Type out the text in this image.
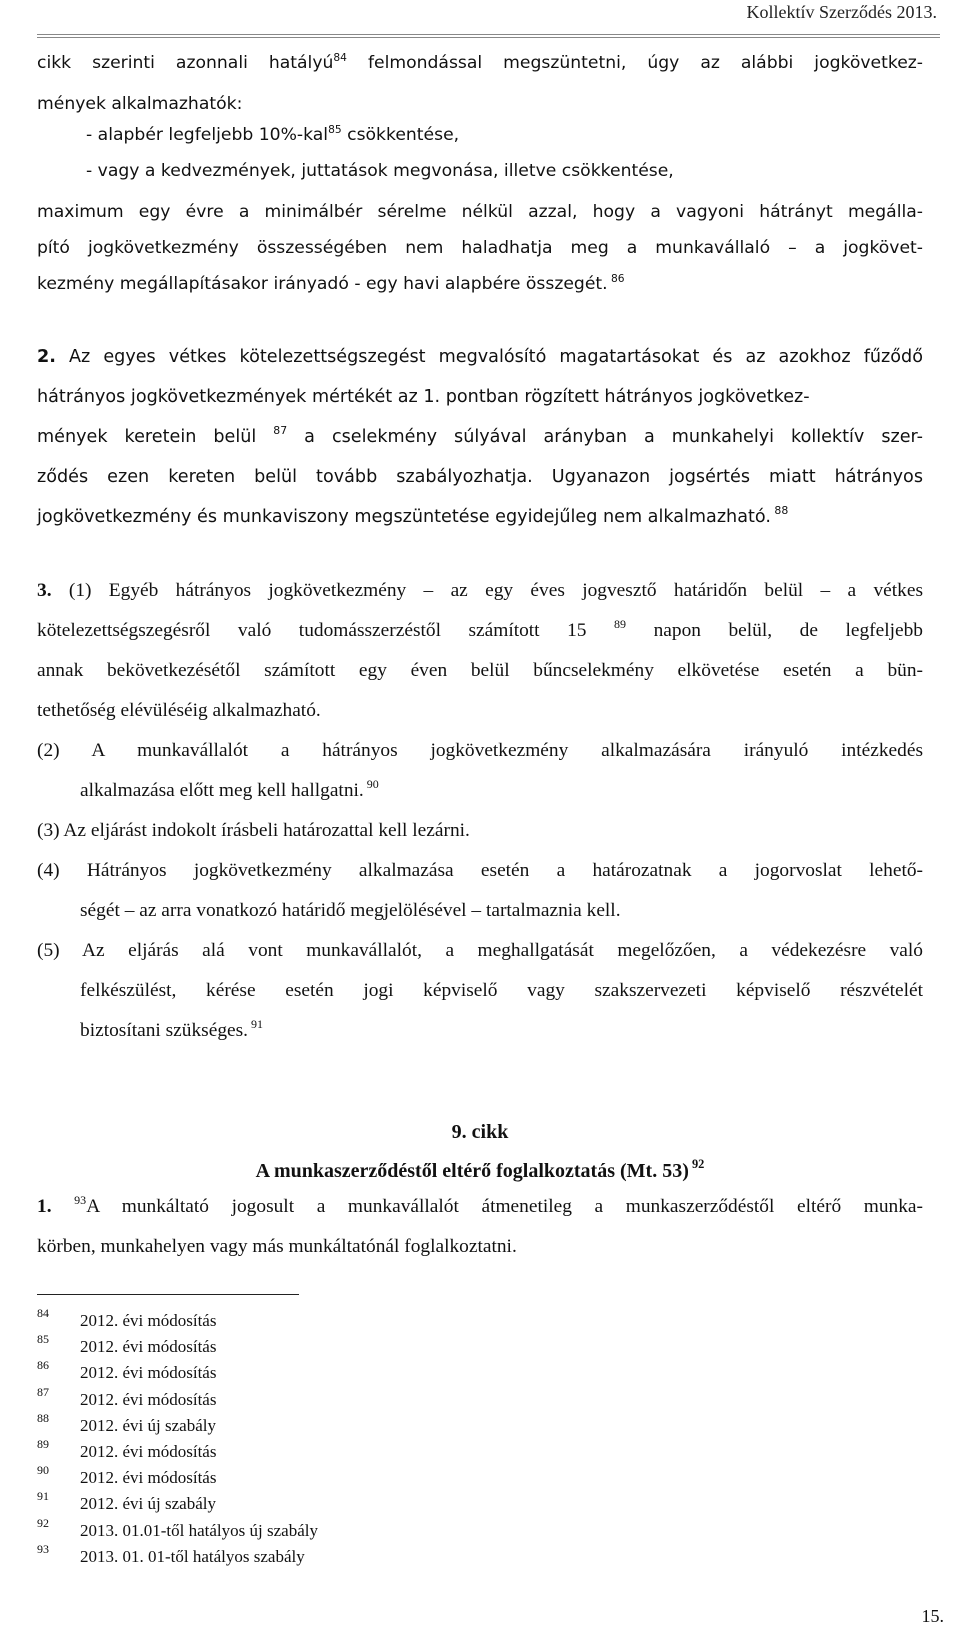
Kollektív Szerződés 2013.
cikk szerinti azonnali hatályú$^{84}$ felmondással megszüntetni, úgy az alábbi jogkövetkez-
mények alkalmazhatók:
- alapbér legfeljebb 10%-kal$^{85}$ csökkentése,
- vagy a kedvezmények, juttatások megvonása, illetve csökkentése,
maximum egy évre a minimálbér sérelme nélkül azzal, hogy a vagyoni hátrányt megálla-
pító jogkövetkezmény összességében nem haladhatja meg a munkavállaló – a jogkövet-
kezmény megállapításakor irányadó - egy havi alapbére összegét. $^{86}$
2. Az egyes vétkes kötelezettségszegést megvalósító magatartásokat és az azokhoz fűződő
hátrányos jogkövetkezmények mértékét az 1. pontban rögzített hátrányos jogkövetkez-
mények keretein belül $^{87}$ a cselekmény súlyával arányban a munkahelyi kollektív szer-
ződés ezen kereten belül tovább szabályozhatja. Ugyanazon jogsértés miatt hátrányos
jogkövetkezmény és munkaviszony megszüntetése egyidejűleg nem alkalmazható. $^{88}$
3. (1) Egyéb hátrányos jogkövetkezmény – az egy éves jogvesztő határidőn belül – a vétkes
kötelezettségszegésről való tudomásszerzéstől számított 15 $^{89}$ napon belül, de legfeljebb
annak bekövetkezésétől számított egy éven belül bűncselekmény elkövetése esetén a bün-
tethetőség elévüléséig alkalmazható.
(2) A munkavállalót a hátrányos jogkövetkezmény alkalmazására irányuló intézkedés
alkalmazása előtt meg kell hallgatni. $^{90}$
(3) Az eljárást indokolt írásbeli határozattal kell lezárni.
(4) Hátrányos jogkövetkezmény alkalmazása esetén a határozatnak a jogorvoslat lehető-
ségét – az arra vonatkozó határidő megjelölésével – tartalmaznia kell.
(5) Az eljárás alá vont munkavállalót, a meghallgatását megelőzően, a védekezésre való
felkészülést, kérése esetén jogi képviselő vagy szakszervezeti képviselő részvételét
biztosítani szükséges. $^{91}$
9. cikk
A munkaszerződéstől eltérő foglalkoztatás (Mt. 53) $^{92}$
1. $^{93}$A munkáltató jogosult a munkavállalót átmenetileg a munkaszerződéstől eltérő munka-
körben, munkahelyen vagy más munkáltatónál foglalkoztatni.
84 2012. évi módosítás
85 2012. évi módosítás
86 2012. évi módosítás
87 2012. évi módosítás
88 2012. évi új szabály
89 2012. évi módosítás
90 2012. évi módosítás
91 2012. évi új szabály
92 2013. 01.01-től hatályos új szabály
93 2013. 01. 01-től hatályos szabály
15.
